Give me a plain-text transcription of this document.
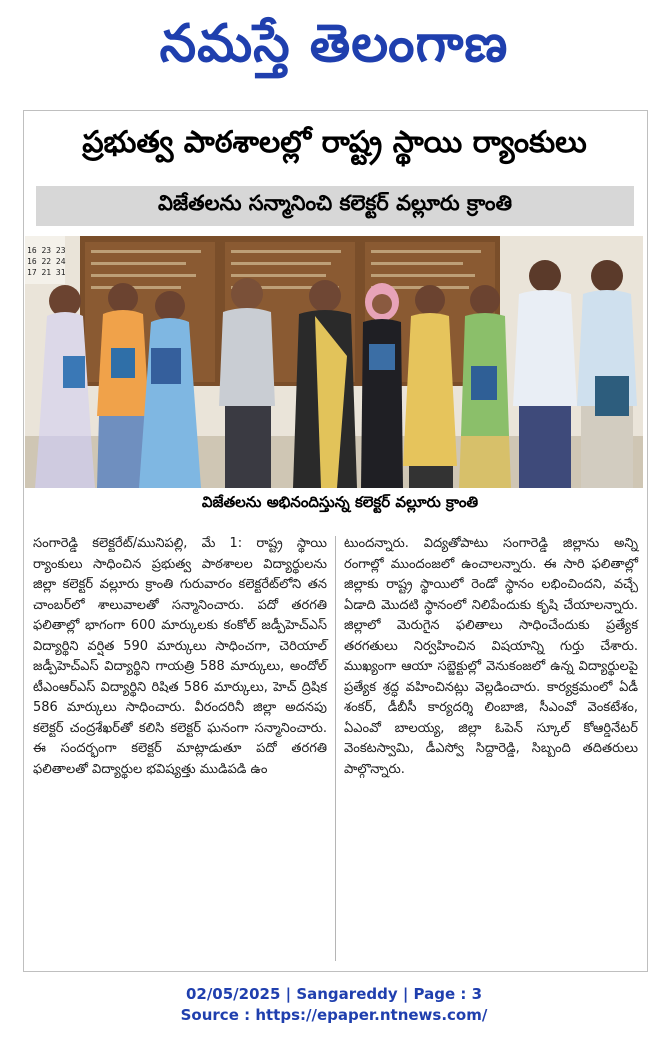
నమస్తే తెలంగాణ
ప్రభుత్వ పాఠశాలల్లో రాష్ట్ర స్థాయి ర్యాంకులు
విజేతలను సన్మానించి కలెక్టర్ వల్లూరు క్రాంతి
16 23 23
16 22 24
17 21 31
విజేతలను అభినందిస్తున్న కలెక్టర్ వల్లూరు క్రాంతి
సంగారెడ్డి కలెక్టరేట్/మునిపల్లి, మే 1: రాష్ట్ర స్థాయి ర్యాంకులు సాధించిన ప్రభుత్వ పాఠశాలల విద్యార్థులను జిల్లా కలెక్టర్ వల్లూరు క్రాంతి గురువారం కలెక్టరేట్‌లోని తన చాంబర్‌లో శాలువాలతో సన్మానించారు. పదో తరగతి ఫలితాల్లో భాగంగా 600 మార్కులకు కంకోల్ జడ్పీహెచ్ఎస్ విద్యార్థిని వర్షిత 590 మార్కులు సాధించగా, చెరియాల్ జడ్పీహెచ్ఎస్ విద్యార్థిని గాయత్రి 588 మార్కులు, అందోల్ టీఎంఆర్ఎస్ విద్యార్థిని రిషిత 586 మార్కులు, హెచ్ ద్రిషిక 586 మార్కులు సాధించారు. వీరందరినీ జిల్లా అదనపు కలెక్టర్ చంద్రశేఖర్‌తో కలిసి కలెక్టర్ ఘనంగా సన్మానించారు. ఈ సందర్భంగా కలెక్టర్ మాట్లాడుతూ పదో తరగతి ఫలితాలతో విద్యార్థుల భవిష్యత్తు ముడిపడి ఉం
టుందన్నారు. విద్యతోపాటు సంగారెడ్డి జిల్లాను అన్ని రంగాల్లో ముందంజలో ఉంచాలన్నారు. ఈ సారి ఫలితాల్లో జిల్లాకు రాష్ట్ర స్థాయిలో రెండో స్థానం లభించిందని, వచ్చే ఏడాది మొదటి స్థానంలో నిలిపేందుకు కృషి చేయాలన్నారు. జిల్లాలో మెరుగైన ఫలితాలు సాధించేందుకు ప్రత్యేక తరగతులు నిర్వహించిన విషయాన్ని గుర్తు చేశారు. ముఖ్యంగా ఆయా సబ్జెక్టుల్లో వెనుకంజలో ఉన్న విద్యార్థులపై ప్రత్యేక శ్రద్ధ వహించినట్లు వెల్లడించారు. కార్యక్రమంలో ఏడీ శంకర్, డీబీసీ కార్యదర్శి లింబాజి, సీఎంవో వెంకటేశం, ఏఎంవో బాలయ్య, జిల్లా ఓపెన్ స్కూల్ కోఆర్డినేటర్ వెంకటస్వామి, డీఎస్వో సిద్దారెడ్డి, సిబ్బంది తదితరులు పాల్గొన్నారు.
02/05/2025 | Sangareddy | Page : 3
Source : https://epaper.ntnews.com/
